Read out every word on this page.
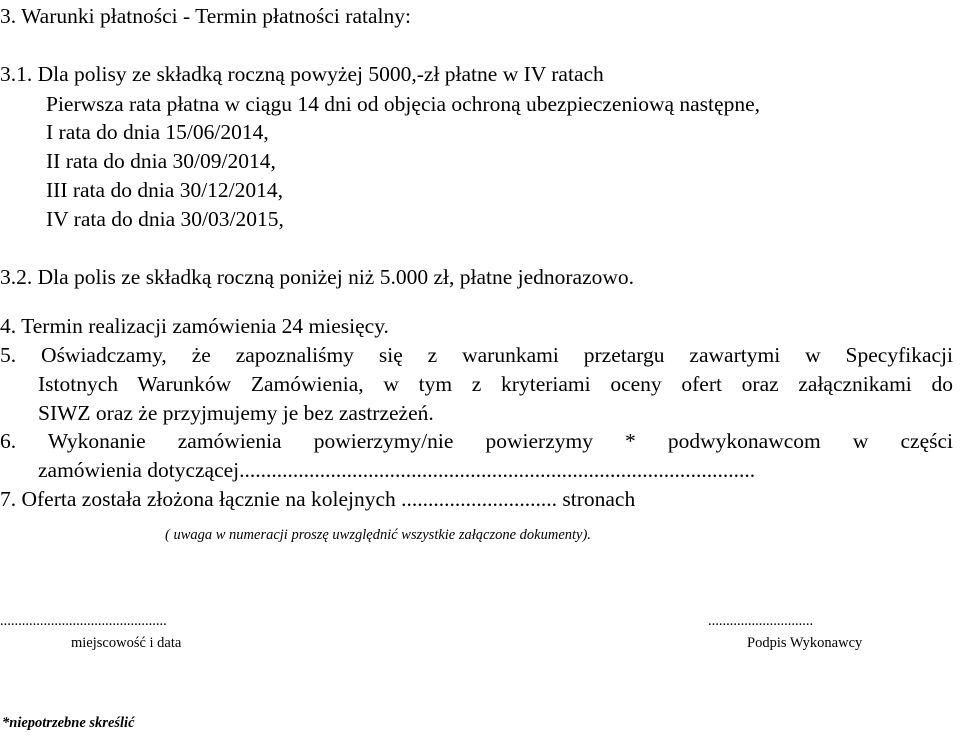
3. Warunki płatności - Termin płatności ratalny:
3.1. Dla polisy ze składką roczną powyżej 5000,-zł płatne w IV ratach
Pierwsza rata płatna w ciągu 14 dni od objęcia ochroną ubezpieczeniową następne,
I rata do dnia 15/06/2014,
II rata do dnia 30/09/2014,
III rata do dnia 30/12/2014,
IV rata do dnia 30/03/2015,
3.2. Dla polis ze składką roczną poniżej niż 5.000 zł, płatne jednorazowo.
4. Termin realizacji zamówienia 24 miesięcy.
5. Oświadczamy, że zapoznaliśmy się z warunkami przetargu zawartymi w Specyfikacji
Istotnych Warunków Zamówienia, w tym z kryteriami oceny ofert oraz załącznikami do
SIWZ oraz że przyjmujemy je bez zastrzeżeń.
6. Wykonanie zamówienia powierzymy/nie powierzymy * podwykonawcom w części
zamówienia dotyczącej................................................................................................
7. Oferta została złożona łącznie na kolejnych ............................. stronach
( uwaga w numeracji proszę uwzględnić wszystkie załączone dokumenty).
..............................................
miejscowość i data
.............................
Podpis Wykonawcy
*niepotrzebne skreślić
